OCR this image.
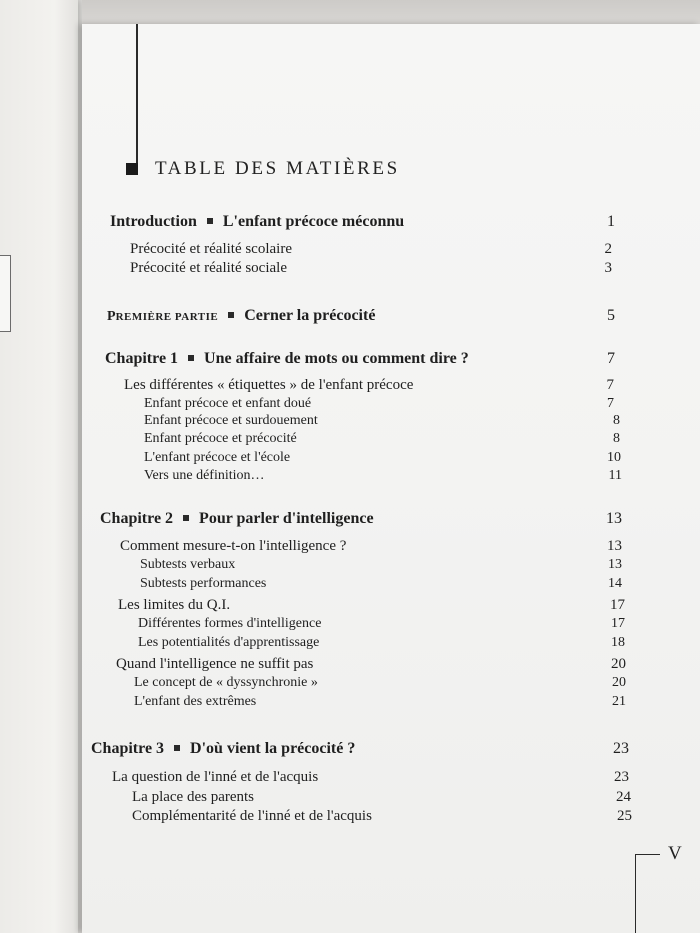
TABLE DES MATIÈRES
Introduction L'enfant précoce méconnu	1
Précocité et réalité scolaire	2
Précocité et réalité sociale	3
PREMIÈRE PARTIE Cerner la précocité	5
Chapitre 1 Une affaire de mots ou comment dire ?	7
Les différentes « étiquettes » de l'enfant précoce	7
Enfant précoce et enfant doué	7
Enfant précoce et surdouement	8
Enfant précoce et précocité	8
L'enfant précoce et l'école	10
Vers une définition…	11
Chapitre 2 Pour parler d'intelligence	13
Comment mesure-t-on l'intelligence ?	13
Subtests verbaux	13
Subtests performances	14
Les limites du Q.I.	17
Différentes formes d'intelligence	17
Les potentialités d'apprentissage	18
Quand l'intelligence ne suffit pas	20
Le concept de « dyssynchronie »	20
L'enfant des extrêmes	21
Chapitre 3 D'où vient la précocité ?	23
La question de l'inné et de l'acquis	23
La place des parents	24
Complémentarité de l'inné et de l'acquis	25
V
